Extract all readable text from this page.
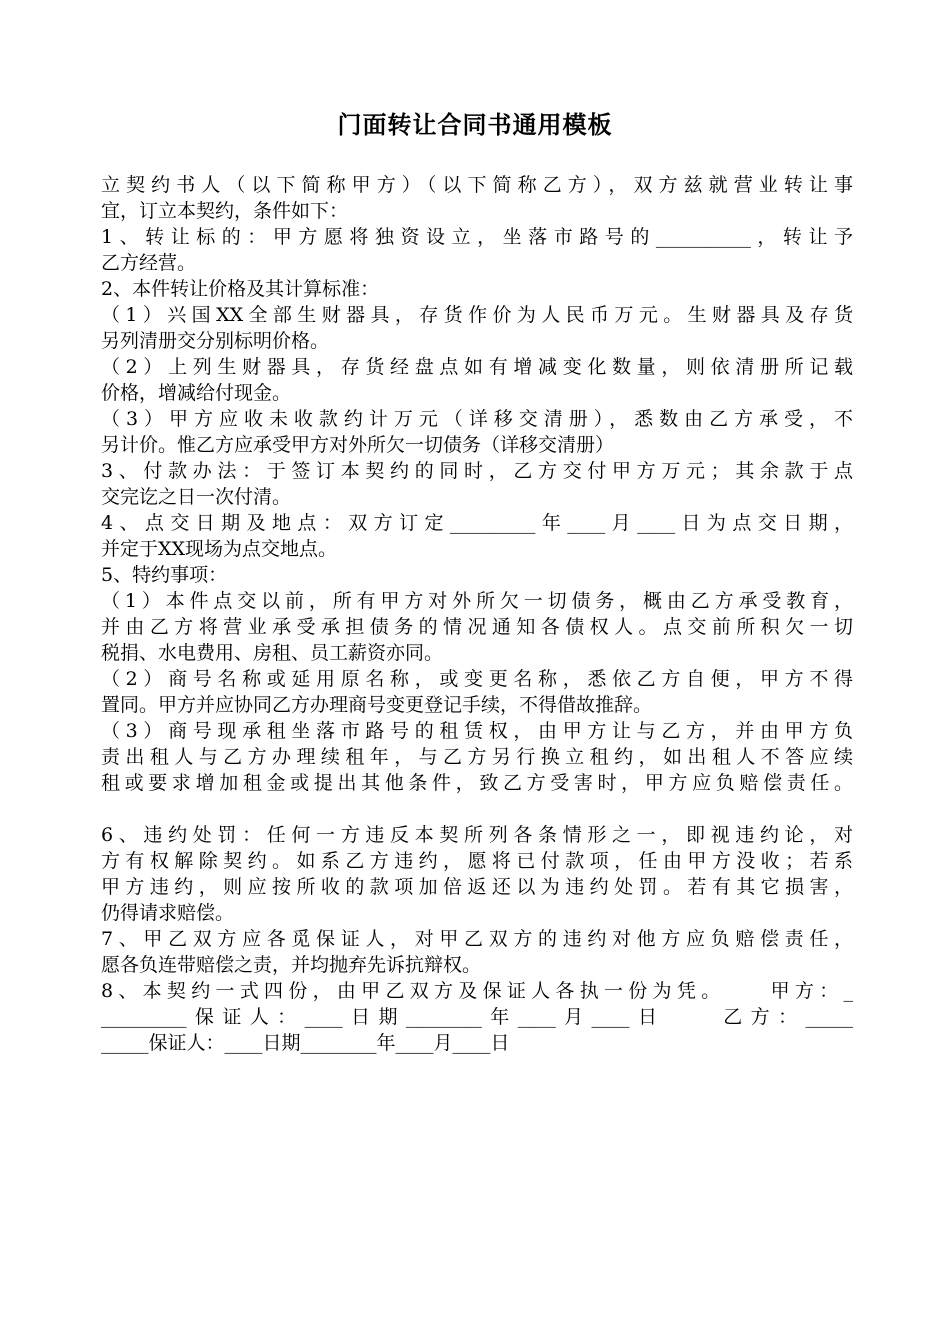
门面转让合同书通用模板
立契约书人（以下简称甲方）（以下简称乙方），双方兹就营业转让事
宜，订立本契约，条件如下：
1、转让标的：甲方愿将独资设立，坐落市路号的__________，转让予
乙方经营。
2、本件转让价格及其计算标准：
（1）兴国XX全部生财器具，存货作价为人民币万元。生财器具及存货
另列清册交分别标明价格。
（2）上列生财器具，存货经盘点如有增减变化数量，则依清册所记载
价格，增减给付现金。
（3）甲方应收未收款约计万元（详移交清册），悉数由乙方承受，不
另计价。惟乙方应承受甲方对外所欠一切债务（详移交清册）
3、付款办法：于签订本契约的同时，乙方交付甲方万元；其余款于点
交完讫之日一次付清。
4、点交日期及地点：双方订定_________年____月____日为点交日期，
并定于XX现场为点交地点。
5、特约事项：
（1）本件点交以前，所有甲方对外所欠一切债务，概由乙方承受教育，
并由乙方将营业承受承担债务的情况通知各债权人。点交前所积欠一切
税捐、水电费用、房租、员工薪资亦同。
（2）商号名称或延用原名称，或变更名称，悉依乙方自便，甲方不得
置同。甲方并应协同乙方办理商号变更登记手续，不得借故推辞。
（3）商号现承租坐落市路号的租赁权，由甲方让与乙方，并由甲方负
责出租人与乙方办理续租年，与乙方另行换立租约，如出租人不答应续
租或要求增加租金或提出其他条件，致乙方受害时，甲方应负赔偿责任。
6、违约处罚：任何一方违反本契所列各条情形之一，即视违约论，对
方有权解除契约。如系乙方违约，愿将已付款项，任由甲方没收；若系
甲方违约，则应按所收的款项加倍返还以为违约处罚。若有其它损害，
仍得请求赔偿。
7、甲乙双方应各觅保证人，对甲乙双方的违约对他方应负赔偿责任，
愿各负连带赔偿之责，并均抛弃先诉抗辩权。
8、本契约一式四份，由甲乙双方及保证人各执一份为凭。    甲方：_
_________保证人：____日期________年____月____日    乙方：_____
_____保证人：____日期________年____月____日
